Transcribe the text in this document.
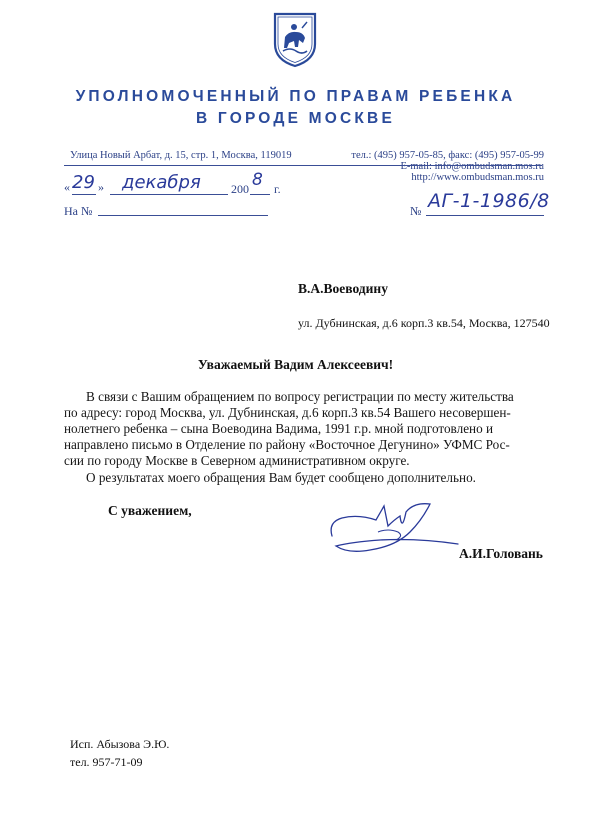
УПОЛНОМОЧЕННЫЙ ПО ПРАВАМ РЕБЕНКА
В ГОРОДЕ МОСКВЕ
Улица Новый Арбат, д. 15, стр. 1, Москва, 119019	тел.: (495) 957-05-85, факс: (495) 957-05-99
E-mail: info@ombudsman.mos.ru
http://www.ombudsman.mos.ru
« 29 » декабря	200 8 г.
На №	№ АГ-1-1986/8
В.А.Воеводину
ул. Дубнинская, д.6 корп.3 кв.54, Москва, 127540
Уважаемый Вадим Алексеевич!
В связи с Вашим обращением по вопросу регистрации по месту жительства
по адресу: город Москва, ул. Дубнинская, д.6 корп.3 кв.54 Вашего несовершен-
нолетнего ребенка – сына Воеводина Вадима, 1991 г.р. мной подготовлено и
направлено письмо в Отделение по району «Восточное Дегунино» УФМС Рос-
сии по городу Москве в Северном административном округе.
О результатах моего обращения Вам будет сообщено дополнительно.
С уважением,
А.И.Головань
Исп. Абызова Э.Ю.
тел. 957-71-09
